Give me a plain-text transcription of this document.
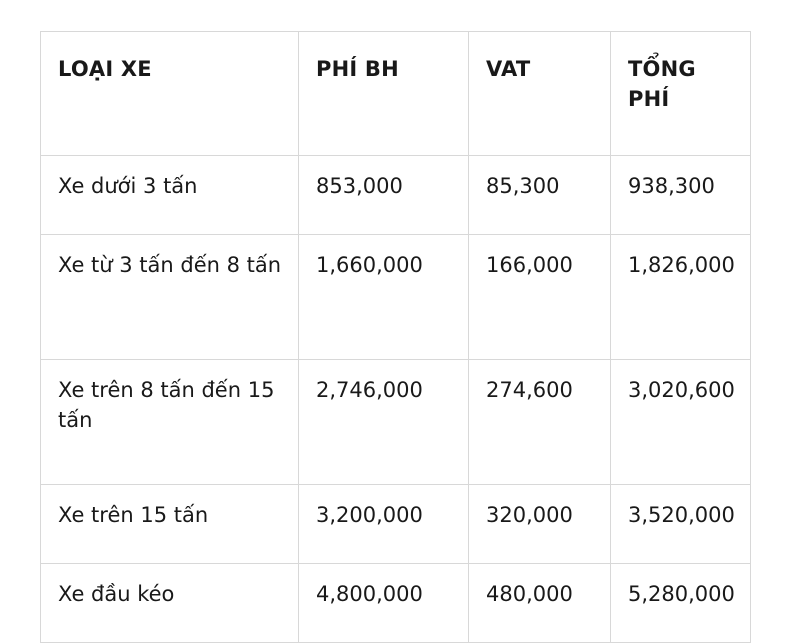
LOẠI XE	PHÍ BH	VAT	TỔNG PHÍ
Xe dưới 3 tấn	853,000	85,300	938,300
Xe từ 3 tấn đến 8 tấn	1,660,000	166,000	1,826,000
Xe trên 8 tấn đến 15 tấn	2,746,000	274,600	3,020,600
Xe trên 15 tấn	3,200,000	320,000	3,520,000
Xe đầu kéo	4,800,000	480,000	5,280,000
